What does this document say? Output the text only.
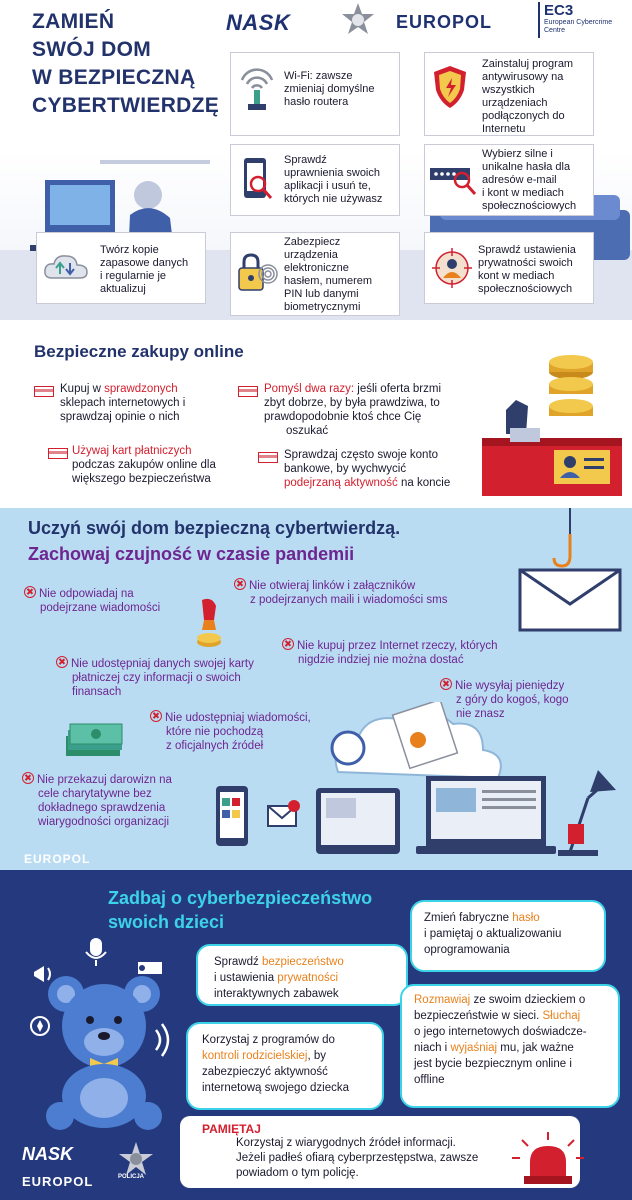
ZAMIEŃ
SWÓJ DOM
W BEZPIECZNĄ
CYBERTWIERDZĘ
NASK	EUROPOL
EC3
European Cybercrime
Centre
Wi-Fi: zawsze
zmieniaj domyślne
hasło routera
Zainstaluj program
antywirusowy na
wszystkich
urządzeniach
podłączonych do
Internetu
Sprawdź
uprawnienia swoich
aplikacji i usuń te,
których nie używasz
Wybierz silne i
unikalne hasła dla
adresów e-mail
i kont w mediach
społecznościowych
Twórz kopie
zapasowe danych
i regularnie je
aktualizuj
Zabezpiecz
urządzenia
elektroniczne
hasłem, numerem
PIN lub danymi
biometrycznymi
Sprawdź ustawienia
prywatności swoich
kont w mediach
społecznościowych
Bezpieczne zakupy online
Kupuj w sprawdzonych
sklepach internetowych i
sprawdzaj opinie o nich
Używaj kart płatniczych
podczas zakupów online dla
większego bezpieczeństwa
Pomyśl dwa razy: jeśli oferta brzmi
zbyt dobrze, by była prawdziwa, to
prawdopodobnie ktoś chce Cię
oszukać
Sprawdzaj często swoje konto
bankowe, by wychwycić
podejrzaną aktywność na koncie
Uczyń swój dom bezpieczną cybertwierdzą.
Zachowaj czujność w czasie pandemii
Nie odpowiadaj na
podejrzane wiadomości
Nie otwieraj linków i załączników
z podejrzanych maili i wiadomości sms
Nie kupuj przez Internet rzeczy, których
nigdzie indziej nie można dostać
Nie udostępniaj danych swojej karty
płatniczej czy informacji o swoich
finansach	Nie wysyłaj pieniędzy
z góry do kogoś, kogo
nie znasz
Nie udostępniaj wiadomości,
które nie pochodzą
z oficjalnych źródeł
Nie przekazuj darowizn na
cele charytatywne bez
dokładnego sprawdzenia
wiarygodności organizacji
EUROPOL
Zadbaj o cyberbezpieczeństwo
swoich dzieci
Sprawdź bezpieczeństwo
i ustawienia prywatności
interaktywnych zabawek
Korzystaj z programów do
kontroli rodzicielskiej, by
zabezpieczyć aktywność
internetową swojego dziecka
Zmień fabryczne hasło
i pamiętaj o aktualizowaniu
oprogramowania
Rozmawiaj ze swoim dzieckiem o
bezpieczeństwie w sieci. Słuchaj
o jego internetowych doświadcze-
niach i wyjaśniaj mu, jak ważne
jest bycie bezpiecznym online i
offline
PAMIĘTAJ
Korzystaj z wiarygodnych źródeł informacji.
Jeżeli padłeś ofiarą cyberprzestępstwa, zawsze
powiadom o tym policję.
NASK
POLICJA
EUROPOL
